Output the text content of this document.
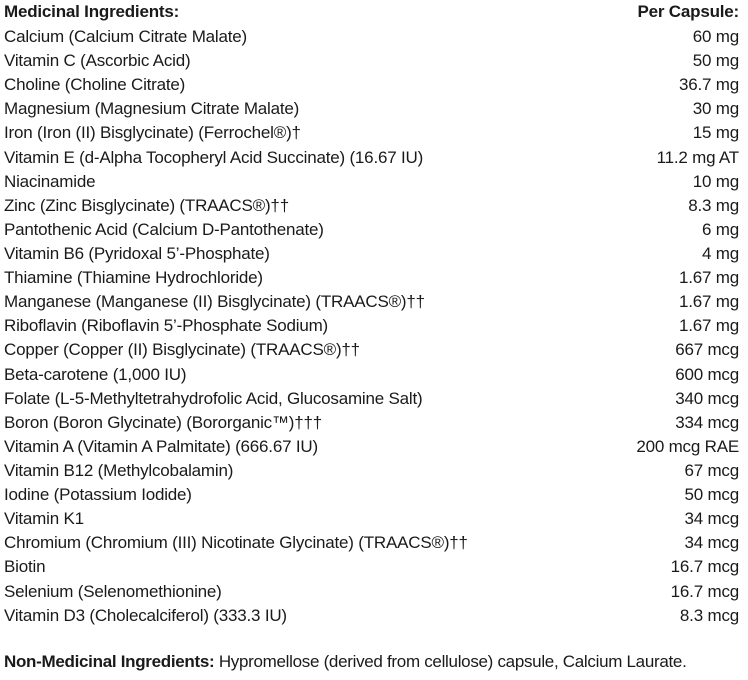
Medicinal Ingredients:	Per Capsule:
Calcium (Calcium Citrate Malate)	60 mg
Vitamin C (Ascorbic Acid)	50 mg
Choline (Choline Citrate)	36.7 mg
Magnesium (Magnesium Citrate Malate)	30 mg
Iron (Iron (II) Bisglycinate) (Ferrochel®)†	15 mg
Vitamin E (d-Alpha Tocopheryl Acid Succinate) (16.67 IU)	11.2 mg AT
Niacinamide	10 mg
Zinc (Zinc Bisglycinate) (TRAACS®)††	8.3 mg
Pantothenic Acid (Calcium D-Pantothenate)	6 mg
Vitamin B6 (Pyridoxal 5’-Phosphate)	4 mg
Thiamine (Thiamine Hydrochloride)	1.67 mg
Manganese (Manganese (II) Bisglycinate) (TRAACS®)††	1.67 mg
Riboflavin (Riboflavin 5’-Phosphate Sodium)	1.67 mg
Copper (Copper (II) Bisglycinate) (TRAACS®)††	667 mcg
Beta-carotene (1,000 IU)	600 mcg
Folate (L-5-Methyltetrahydrofolic Acid, Glucosamine Salt)	340 mcg
Boron (Boron Glycinate) (Bororganic™)†††	334 mcg
Vitamin A (Vitamin A Palmitate) (666.67 IU)	200 mcg RAE
Vitamin B12 (Methylcobalamin)	67 mcg
Iodine (Potassium Iodide)	50 mcg
Vitamin K1	34 mcg
Chromium (Chromium (III) Nicotinate Glycinate) (TRAACS®)††	34 mcg
Biotin	16.7 mcg
Selenium (Selenomethionine)	16.7 mcg
Vitamin D3 (Cholecalciferol) (333.3 IU)	8.3 mcg
Non-Medicinal Ingredients: Hypromellose (derived from cellulose) capsule, Calcium Laurate.
